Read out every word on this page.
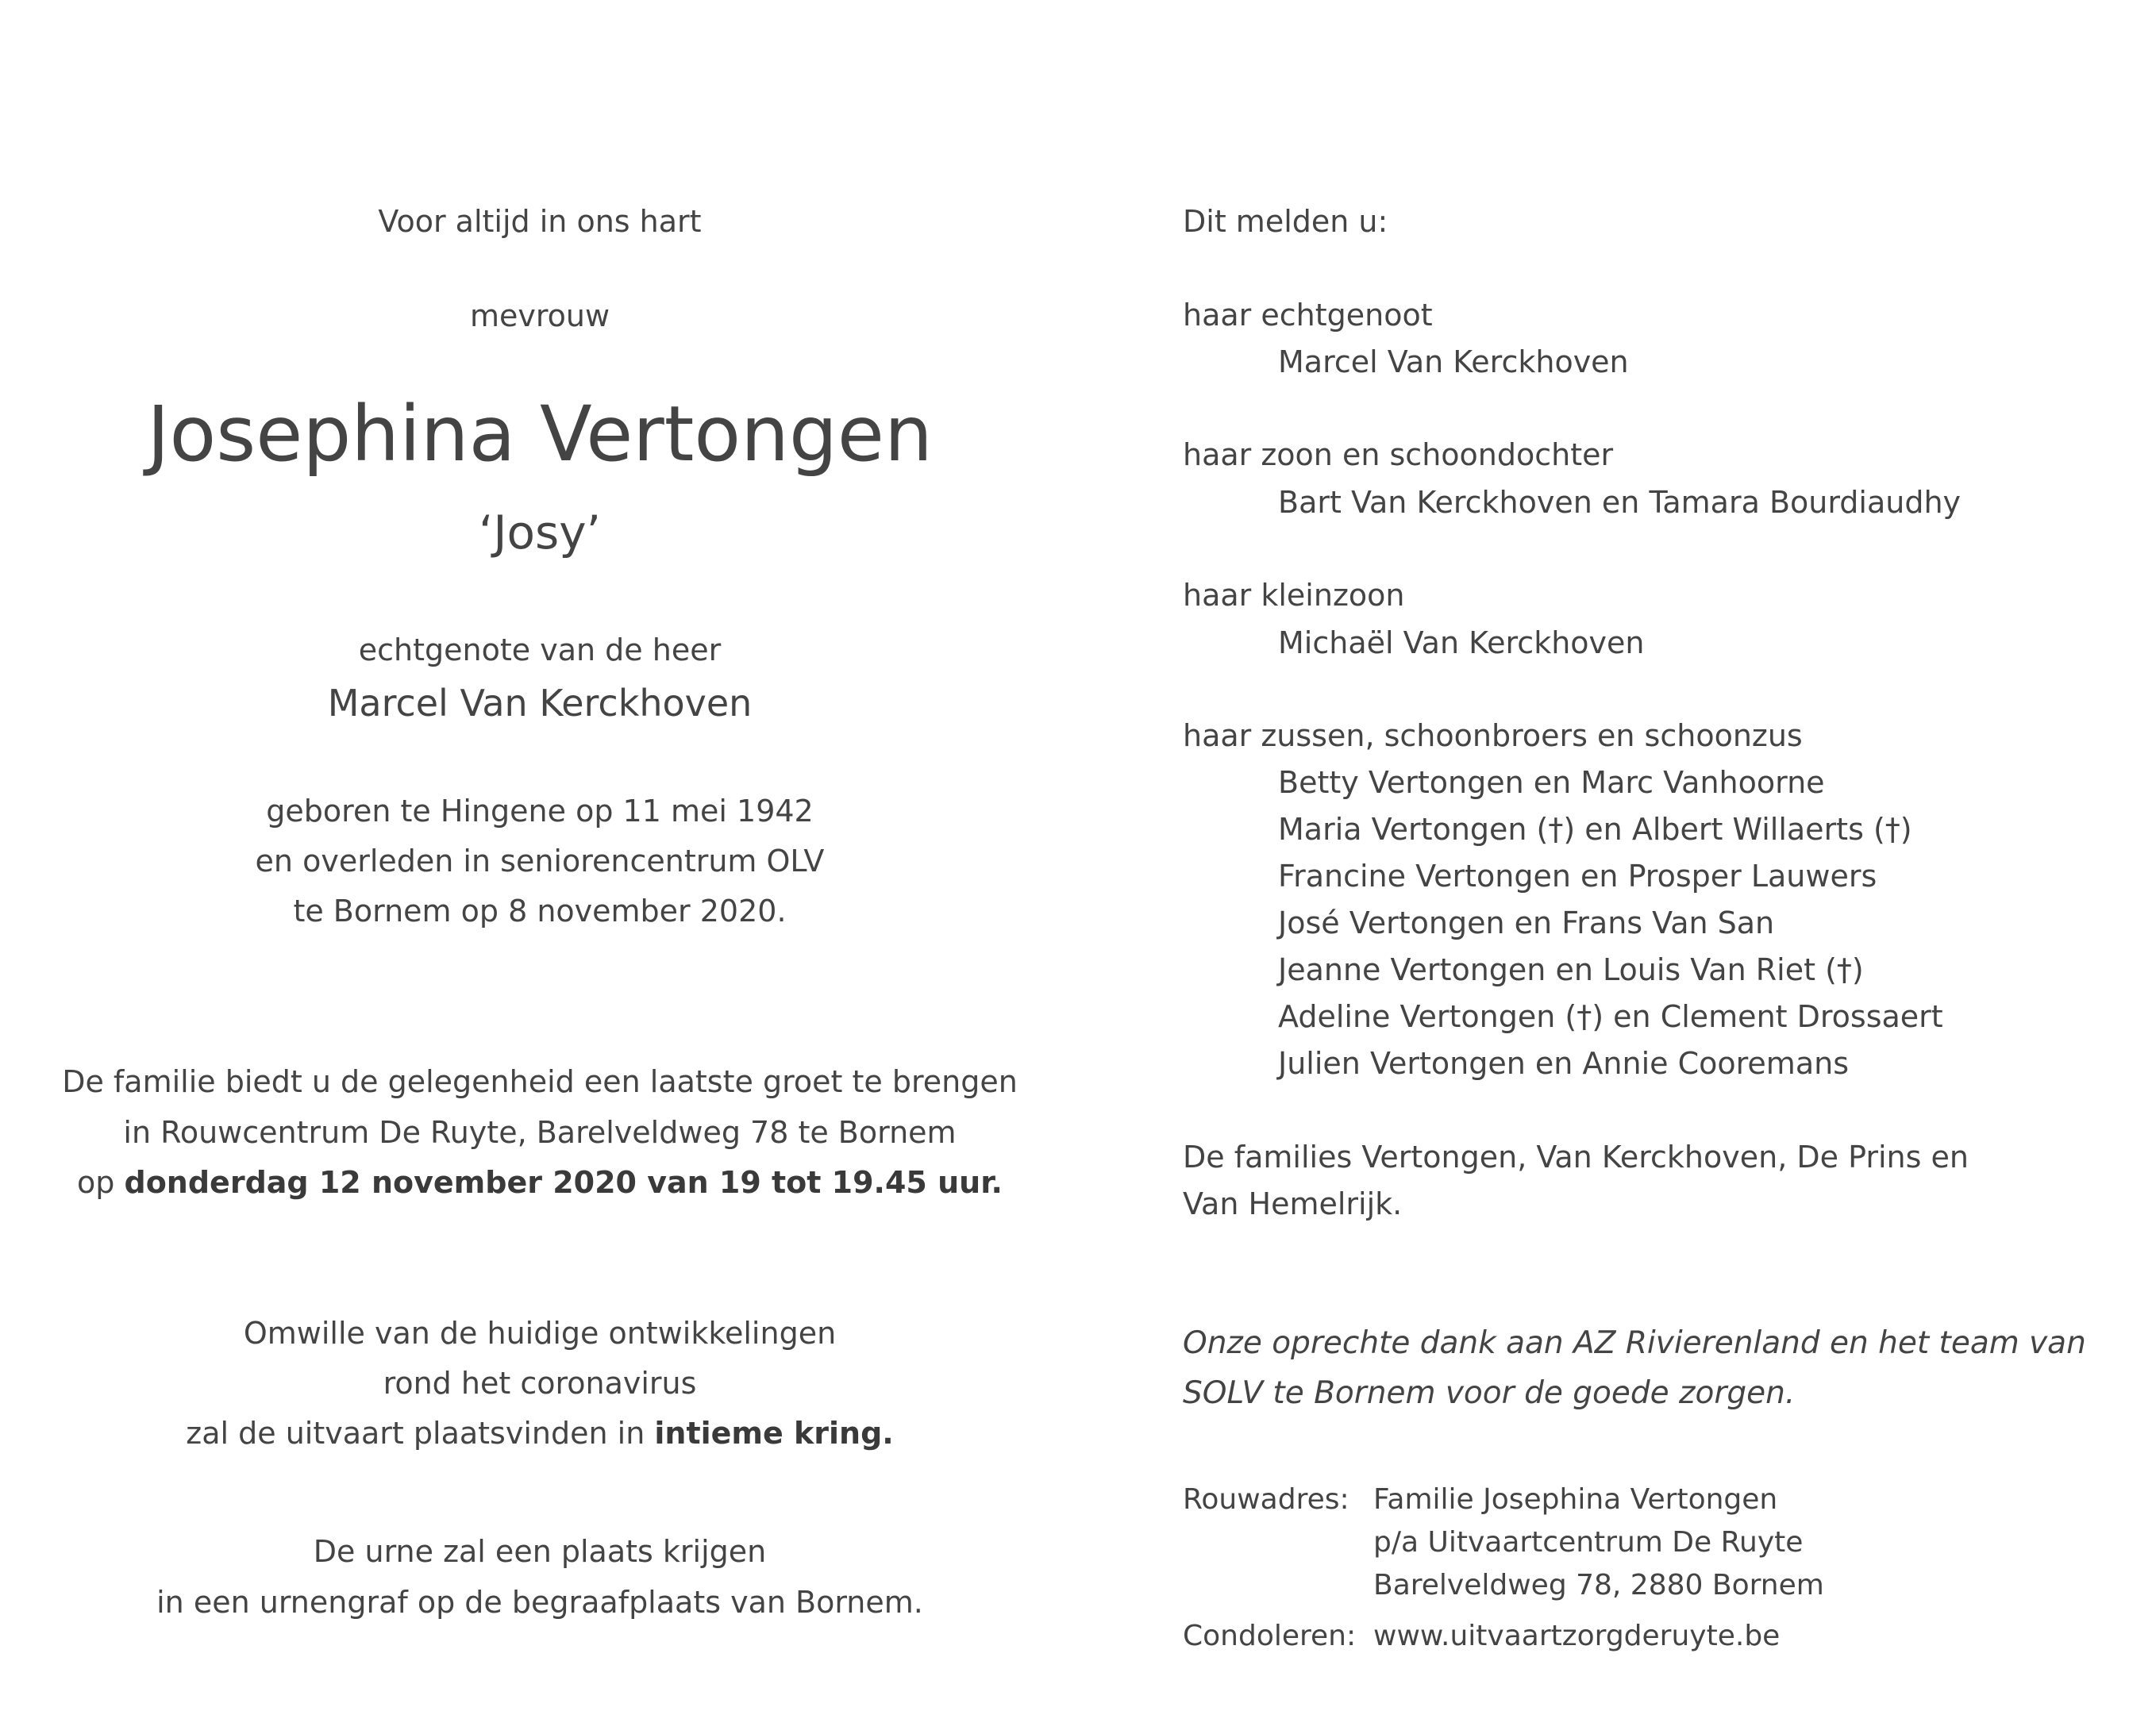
Voor altijd in ons hart
mevrouw
Josephina Vertongen
‘Josy’
echtgenote van de heer
Marcel Van Kerckhoven
geboren te Hingene op 11 mei 1942
en overleden in seniorencentrum OLV
te Bornem op 8 november 2020.
De familie biedt u de gelegenheid een laatste groet te brengen
in Rouwcentrum De Ruyte, Barelveldweg 78 te Bornem
op donderdag 12 november 2020 van 19 tot 19.45 uur.
Omwille van de huidige ontwikkelingen
rond het coronavirus
zal de uitvaart plaatsvinden in intieme kring.
De urne zal een plaats krijgen
in een urnengraf op de begraafplaats van Bornem.
Dit melden u:
haar echtgenoot
Marcel Van Kerckhoven
haar zoon en schoondochter
Bart Van Kerckhoven en Tamara Bourdiaudhy
haar kleinzoon
Michaël Van Kerckhoven
haar zussen, schoonbroers en schoonzus
Betty Vertongen en Marc Vanhoorne
Maria Vertongen (†) en Albert Willaerts (†)
Francine Vertongen en Prosper Lauwers
José Vertongen en Frans Van San
Jeanne Vertongen en Louis Van Riet (†)
Adeline Vertongen (†) en Clement Drossaert
Julien Vertongen en Annie Cooremans
De families Vertongen, Van Kerckhoven, De Prins en
Van Hemelrijk.
Onze oprechte dank aan AZ Rivierenland en het team van
SOLV te Bornem voor de goede zorgen.
Rouwadres: Familie Josephina Vertongen
p/a Uitvaartcentrum De Ruyte
Barelveldweg 78, 2880 Bornem
Condoleren: www.uitvaartzorgderuyte.be
